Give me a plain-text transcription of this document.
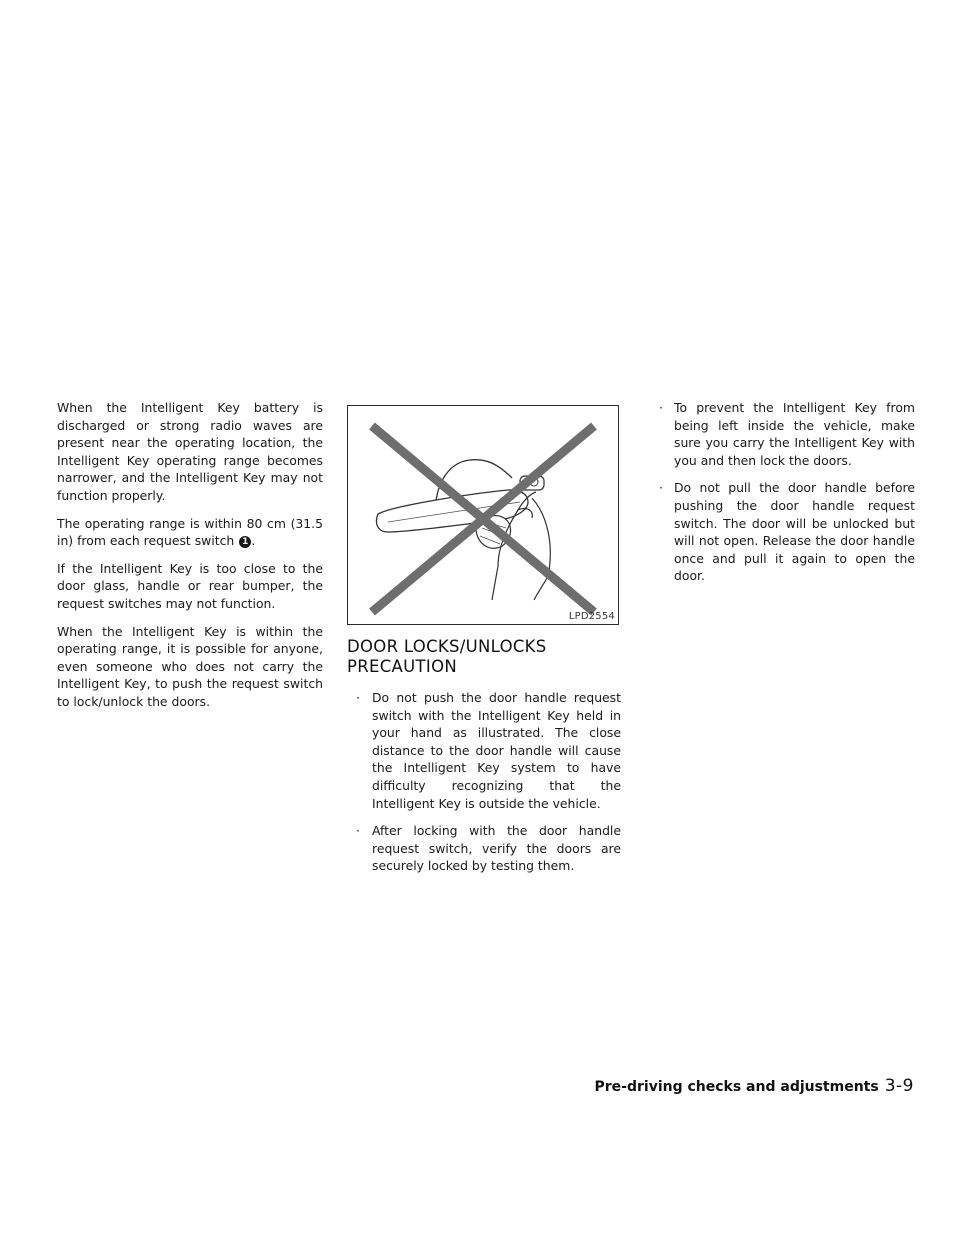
When the Intelligent Key battery is discharged or strong radio waves are present near the operating location, the Intelligent Key operating range becomes narrower, and the Intelligent Key may not function properly.

The operating range is within 80 cm (31.5 in) from each request switch 1 .

If the Intelligent Key is too close to the door glass, handle or rear bumper, the request switches may not function.

When the Intelligent Key is within the operating range, it is possible for anyone, even someone who does not carry the Intelligent Key, to push the request switch to lock/unlock the doors.

LPD2554
DOOR LOCKS/UNLOCKS PRECAUTION
· Do not push the door handle request switch with the Intelligent Key held in your hand as illustrated. The close distance to the door handle will cause the Intelligent Key system to have difficulty recognizing that the Intelligent Key is outside the vehicle.
· After locking with the door handle request switch, verify the doors are securely locked by testing them.
· To prevent the Intelligent Key from being left inside the vehicle, make sure you carry the Intelligent Key with you and then lock the doors.
· Do not pull the door handle before pushing the door handle request switch. The door will be unlocked but will not open. Release the door handle once and pull it again to open the door.
Pre-driving checks and adjustments 3-9
